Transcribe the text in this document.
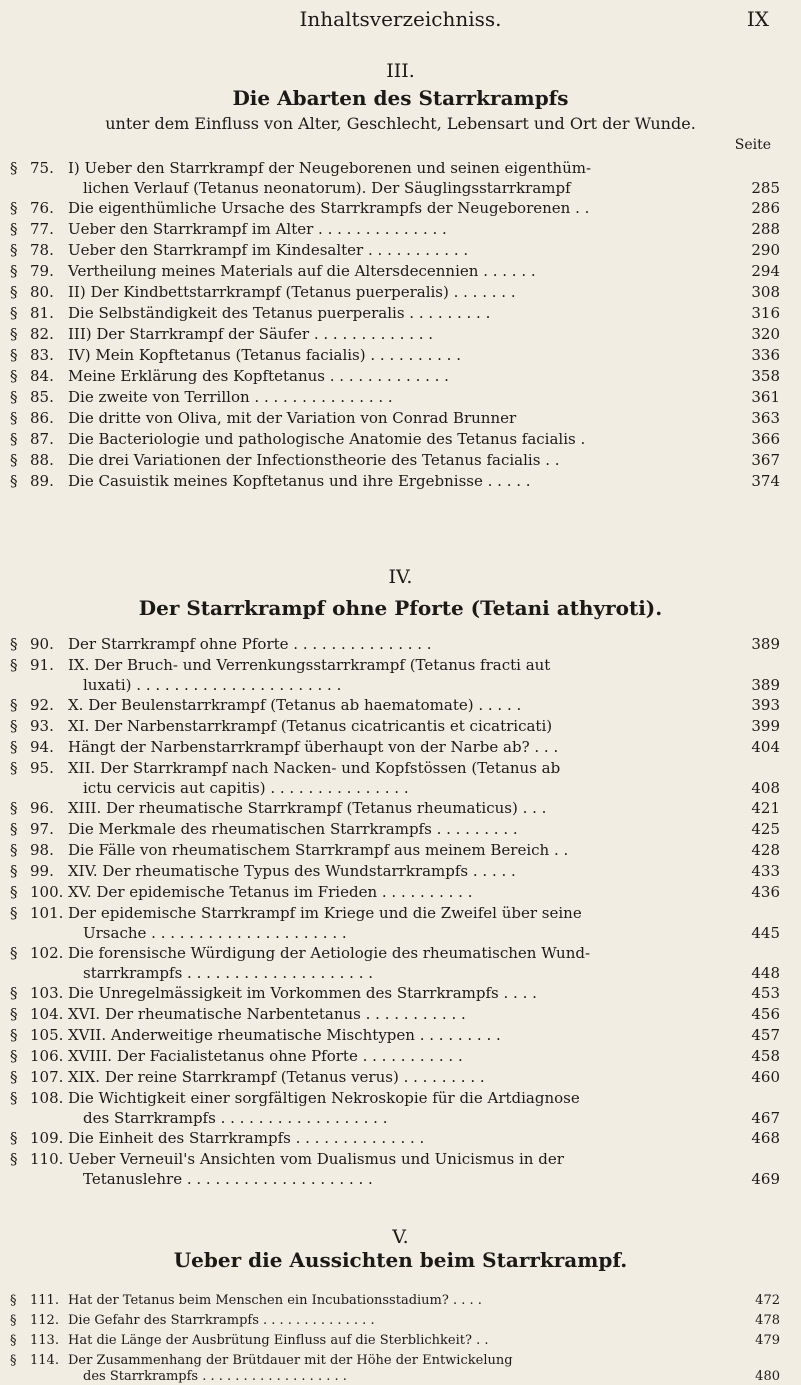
Inhaltsverzeichniss.	IX
III.
Die Abarten des Starrkrampfs
unter dem Einfluss von Alter, Geschlecht, Lebensart und Ort der Wunde.
Seite
§ 75. I) Ueber den Starrkrampf der Neugeborenen und seinen eigenthüm-
lichen Verlauf (Tetanus neonatorum). Der Säuglingsstarrkrampf	285
§ 76. Die eigenthümliche Ursache des Starrkrampfs der Neugeborenen . .	286
§ 77. Ueber den Starrkrampf im Alter . . . . . . . . . . . . . .	288
§ 78. Ueber den Starrkrampf im Kindesalter . . . . . . . . . . .	290
§ 79. Vertheilung meines Materials auf die Altersdecennien . . . . . .	294
§ 80. II) Der Kindbettstarrkrampf (Tetanus puerperalis) . . . . . . .	308
§ 81. Die Selbständigkeit des Tetanus puerperalis . . . . . . . . .	316
§ 82. III) Der Starrkrampf der Säufer . . . . . . . . . . . . .	320
§ 83. IV) Mein Kopftetanus (Tetanus facialis) . . . . . . . . . .	336
§ 84. Meine Erklärung des Kopftetanus . . . . . . . . . . . . .	358
§ 85. Die zweite von Terrillon . . . . . . . . . . . . . . .	361
§ 86. Die dritte von Oliva, mit der Variation von Conrad Brunner	363
§ 87. Die Bacteriologie und pathologische Anatomie des Tetanus facialis .	366
§ 88. Die drei Variationen der Infectionstheorie des Tetanus facialis . .	367
§ 89. Die Casuistik meines Kopftetanus und ihre Ergebnisse . . . . .	374
IV.
Der Starrkrampf ohne Pforte (Tetani athyroti).
§ 90. Der Starrkrampf ohne Pforte . . . . . . . . . . . . . . .	389
§ 91. IX. Der Bruch- und Verrenkungsstarrkrampf (Tetanus fracti aut
luxati) . . . . . . . . . . . . . . . . . . . . . .	389
§ 92. X. Der Beulenstarrkrampf (Tetanus ab haematomate) . . . . .	393
§ 93. XI. Der Narbenstarrkrampf (Tetanus cicatricantis et cicatricati)	399
§ 94. Hängt der Narbenstarrkrampf überhaupt von der Narbe ab? . . .	404
§ 95. XII. Der Starrkrampf nach Nacken- und Kopfstössen (Tetanus ab
ictu cervicis aut capitis) . . . . . . . . . . . . . . .	408
§ 96. XIII. Der rheumatische Starrkrampf (Tetanus rheumaticus) . . .	421
§ 97. Die Merkmale des rheumatischen Starrkrampfs . . . . . . . . .	425
§ 98. Die Fälle von rheumatischem Starrkrampf aus meinem Bereich . .	428
§ 99. XIV. Der rheumatische Typus des Wundstarrkrampfs . . . . .	433
§ 100. XV. Der epidemische Tetanus im Frieden . . . . . . . . . .	436
§ 101. Der epidemische Starrkrampf im Kriege und die Zweifel über seine
Ursache . . . . . . . . . . . . . . . . . . . . .	445
§ 102. Die forensische Würdigung der Aetiologie des rheumatischen Wund-
starrkrampfs . . . . . . . . . . . . . . . . . . . .	448
§ 103. Die Unregelmässigkeit im Vorkommen des Starrkrampfs . . . .	453
§ 104. XVI. Der rheumatische Narbentetanus . . . . . . . . . . .	456
§ 105. XVII. Anderweitige rheumatische Mischtypen . . . . . . . . .	457
§ 106. XVIII. Der Facialistetanus ohne Pforte . . . . . . . . . . .	458
§ 107. XIX. Der reine Starrkrampf (Tetanus verus) . . . . . . . . .	460
§ 108. Die Wichtigkeit einer sorgfältigen Nekroskopie für die Artdiagnose
des Starrkrampfs . . . . . . . . . . . . . . . . . .	467
§ 109. Die Einheit des Starrkrampfs . . . . . . . . . . . . . .	468
§ 110. Ueber Verneuil's Ansichten vom Dualismus und Unicismus in der
Tetanuslehre . . . . . . . . . . . . . . . . . . . .	469
V.
Ueber die Aussichten beim Starrkrampf.
§	111. Hat der Tetanus beim Menschen ein Incubationsstadium? . . . .	472
§	112. Die Gefahr des Starrkrampfs . . . . . . . . . . . . . .	478
§	113. Hat die Länge der Ausbrütung Einfluss auf die Sterblichkeit? . .	479
§	114. Der Zusammenhang der Brütdauer mit der Höhe der Entwickelung
des Starrkrampfs . . . . . . . . . . . . . . . . . .	480
